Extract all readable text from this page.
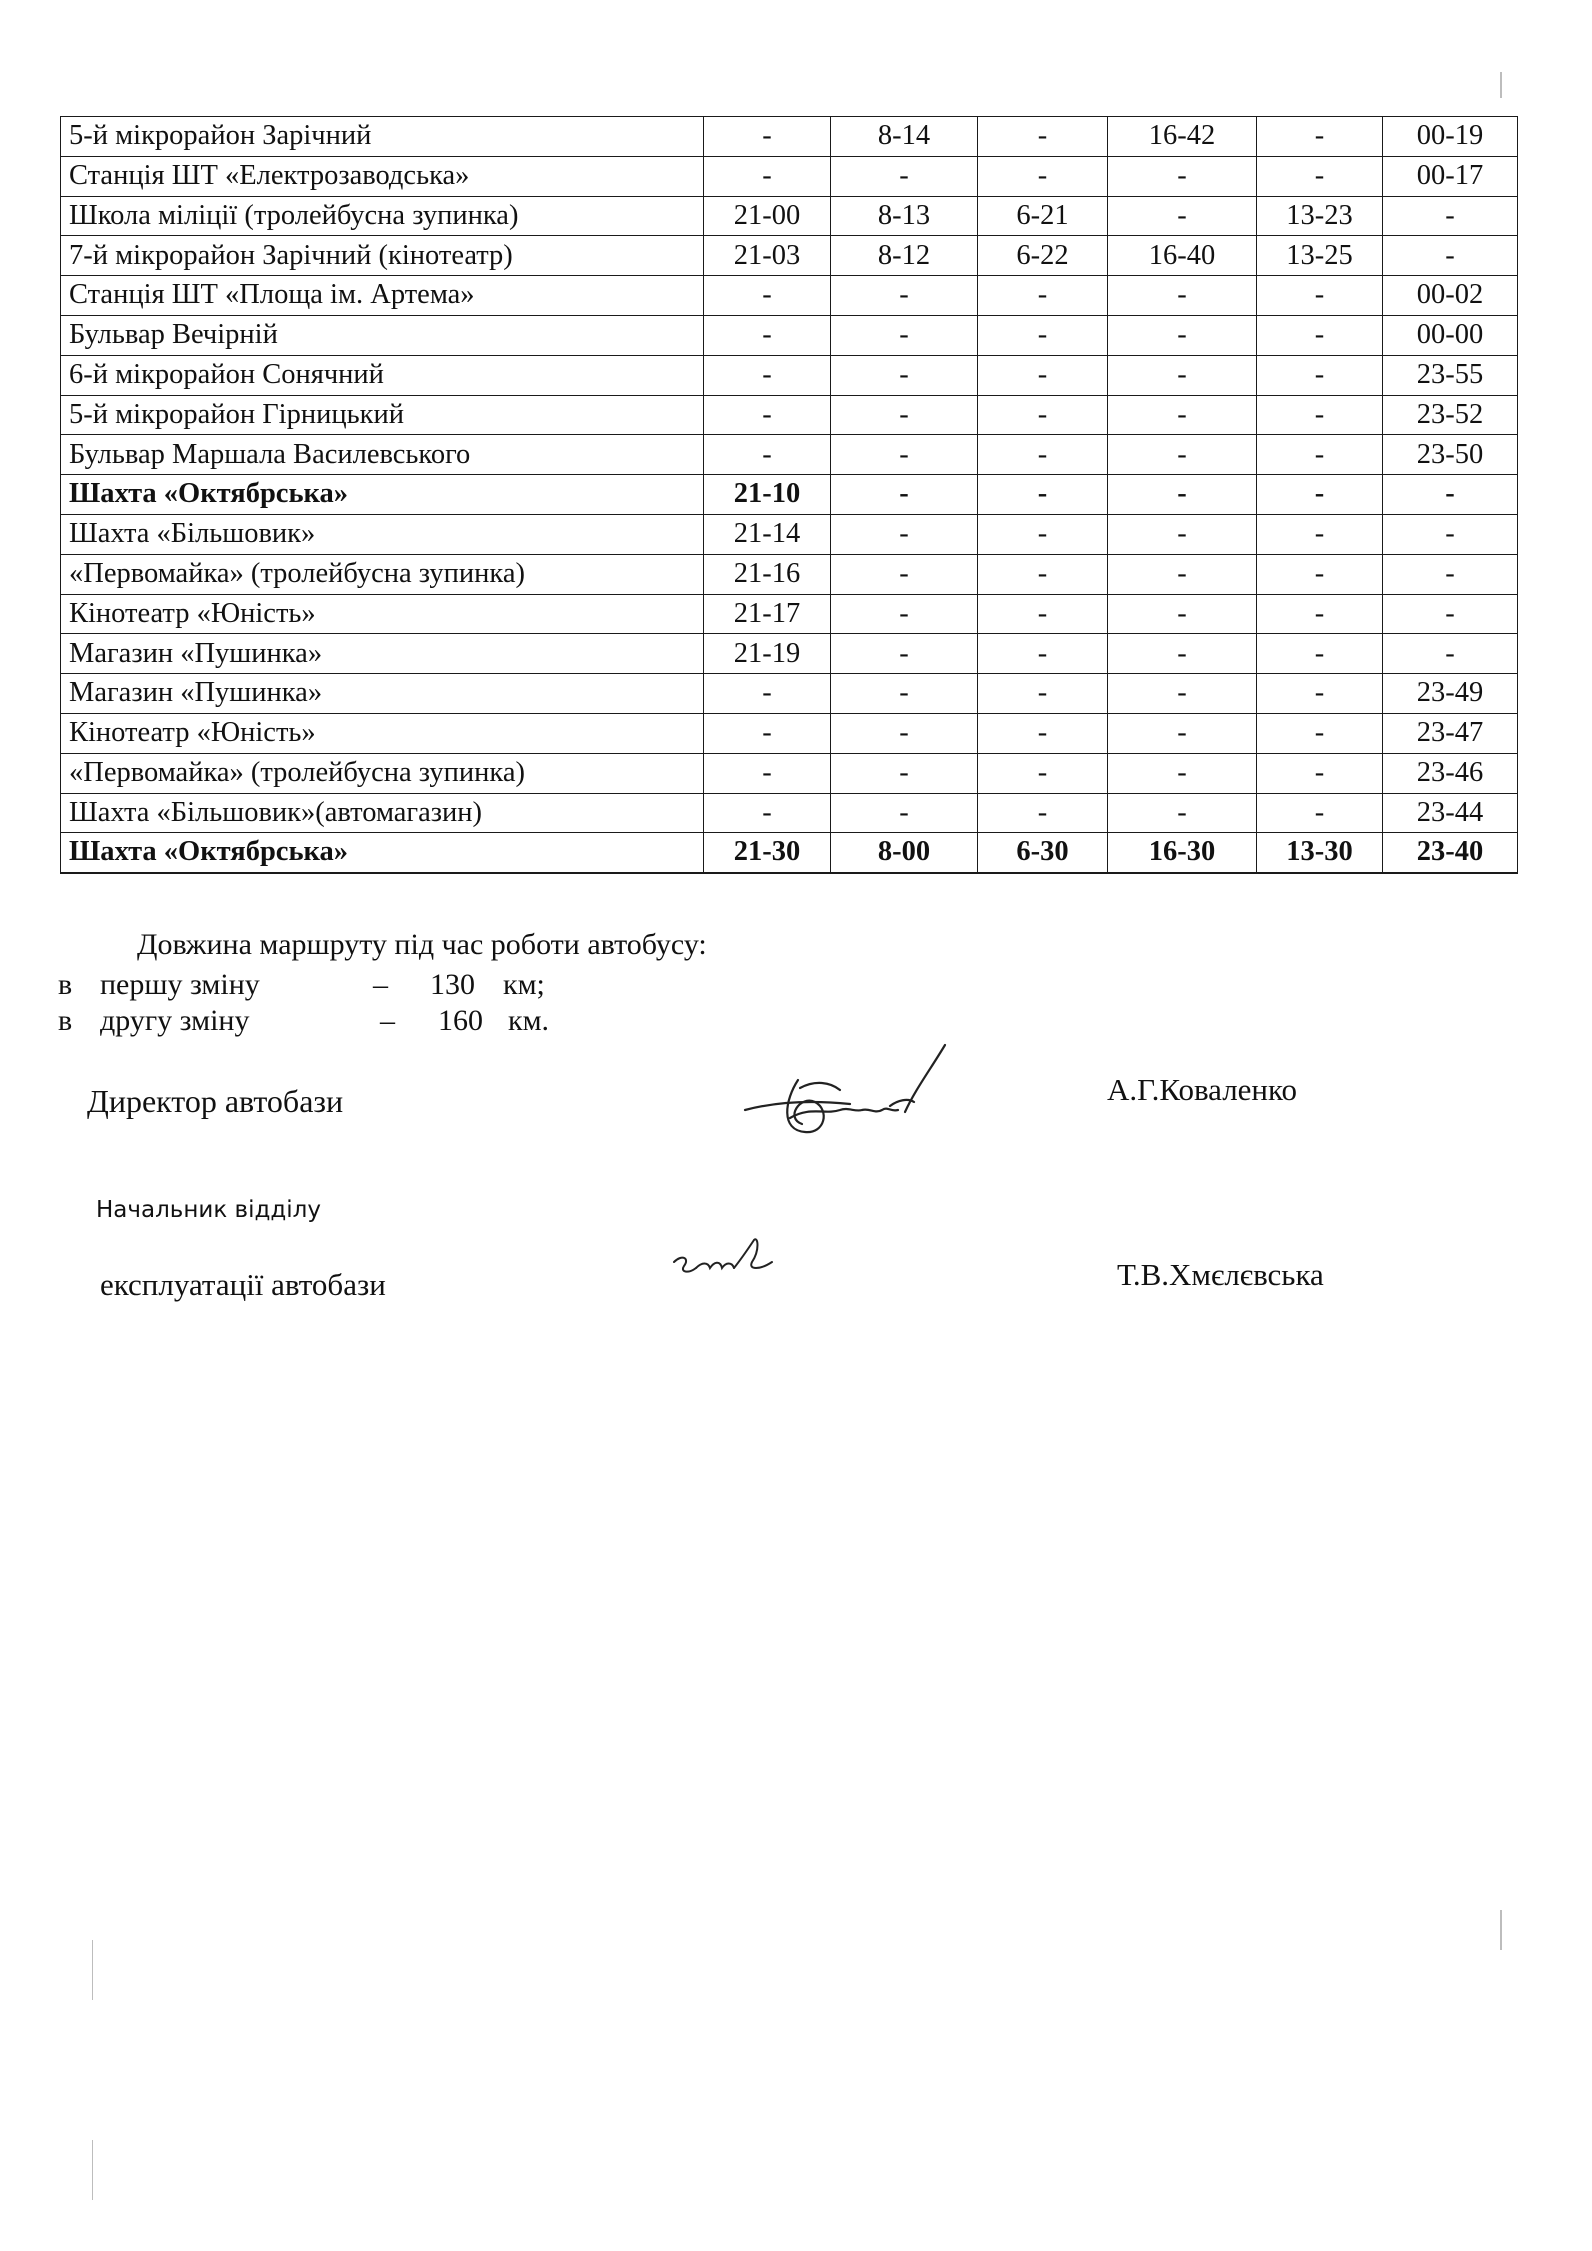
5-й мікрорайон Зарічний	-	8-14	-	16-42	-	00-19
Станція ШТ «Електрозаводська»	-	-	-	-	-	00-17
Школа міліції (тролейбусна зупинка)	21-00	8-13	6-21	-	13-23	-
7-й мікрорайон Зарічний (кінотеатр)	21-03	8-12	6-22	16-40	13-25	-
Станція ШТ «Площа ім. Артема»	-	-	-	-	-	00-02
Бульвар Вечірній	-	-	-	-	-	00-00
6-й мікрорайон Сонячний	-	-	-	-	-	23-55
5-й мікрорайон Гірницький	-	-	-	-	-	23-52
Бульвар Маршала Василевського	-	-	-	-	-	23-50
Шахта «Октябрська»	21-10	-	-	-	-	-
Шахта «Більшовик»	21-14	-	-	-	-	-
«Первомайка» (тролейбусна зупинка)	21-16	-	-	-	-	-
Кінотеатр «Юність»	21-17	-	-	-	-	-
Магазин «Пушинка»	21-19	-	-	-	-	-
Магазин «Пушинка»	-	-	-	-	-	23-49
Кінотеатр «Юність»	-	-	-	-	-	23-47
«Первомайка» (тролейбусна зупинка)	-	-	-	-	-	23-46
Шахта «Більшовик»(автомагазин)	-	-	-	-	-	23-44
Шахта «Октябрська»	21-30	8-00	6-30	16-30	13-30	23-40
Довжина маршруту під час роботи автобусу:
в першу зміну	– 130 км;
в другу зміну	– 160 км.
Директор автобази	А.Г.Коваленко
Начальник відділу
експлуатації автобази	Т.В.Хмєлєвська
